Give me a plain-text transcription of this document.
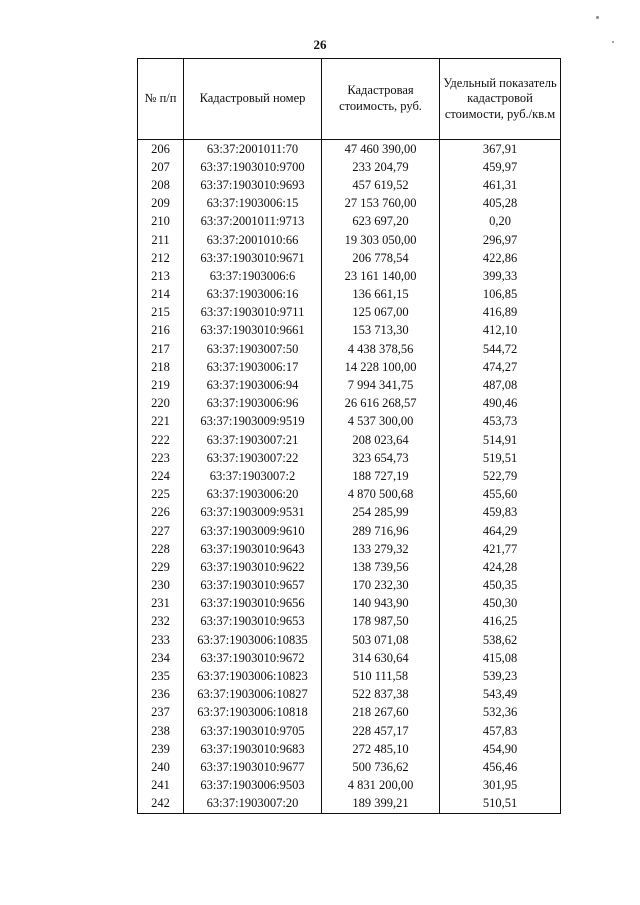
26
№ п/п	Кадастровый номер	Кадастровая стоимость, руб.	Удельный показатель кадастровой стоимости, руб./кв.м
206	63:37:2001011:70	47 460 390,00	367,91
207	63:37:1903010:9700	233 204,79	459,97
208	63:37:1903010:9693	457 619,52	461,31
209	63:37:1903006:15	27 153 760,00	405,28
210	63:37:2001011:9713	623 697,20	0,20
211	63:37:2001010:66	19 303 050,00	296,97
212	63:37:1903010:9671	206 778,54	422,86
213	63:37:1903006:6	23 161 140,00	399,33
214	63:37:1903006:16	136 661,15	106,85
215	63:37:1903010:9711	125 067,00	416,89
216	63:37:1903010:9661	153 713,30	412,10
217	63:37:1903007:50	4 438 378,56	544,72
218	63:37:1903006:17	14 228 100,00	474,27
219	63:37:1903006:94	7 994 341,75	487,08
220	63:37:1903006:96	26 616 268,57	490,46
221	63:37:1903009:9519	4 537 300,00	453,73
222	63:37:1903007:21	208 023,64	514,91
223	63:37:1903007:22	323 654,73	519,51
224	63:37:1903007:2	188 727,19	522,79
225	63:37:1903006:20	4 870 500,68	455,60
226	63:37:1903009:9531	254 285,99	459,83
227	63:37:1903009:9610	289 716,96	464,29
228	63:37:1903010:9643	133 279,32	421,77
229	63:37:1903010:9622	138 739,56	424,28
230	63:37:1903010:9657	170 232,30	450,35
231	63:37:1903010:9656	140 943,90	450,30
232	63:37:1903010:9653	178 987,50	416,25
233	63:37:1903006:10835	503 071,08	538,62
234	63:37:1903010:9672	314 630,64	415,08
235	63:37:1903006:10823	510 111,58	539,23
236	63:37:1903006:10827	522 837,38	543,49
237	63:37:1903006:10818	218 267,60	532,36
238	63:37:1903010:9705	228 457,17	457,83
239	63:37:1903010:9683	272 485,10	454,90
240	63:37:1903010:9677	500 736,62	456,46
241	63:37:1903006:9503	4 831 200,00	301,95
242	63:37:1903007:20	189 399,21	510,51
